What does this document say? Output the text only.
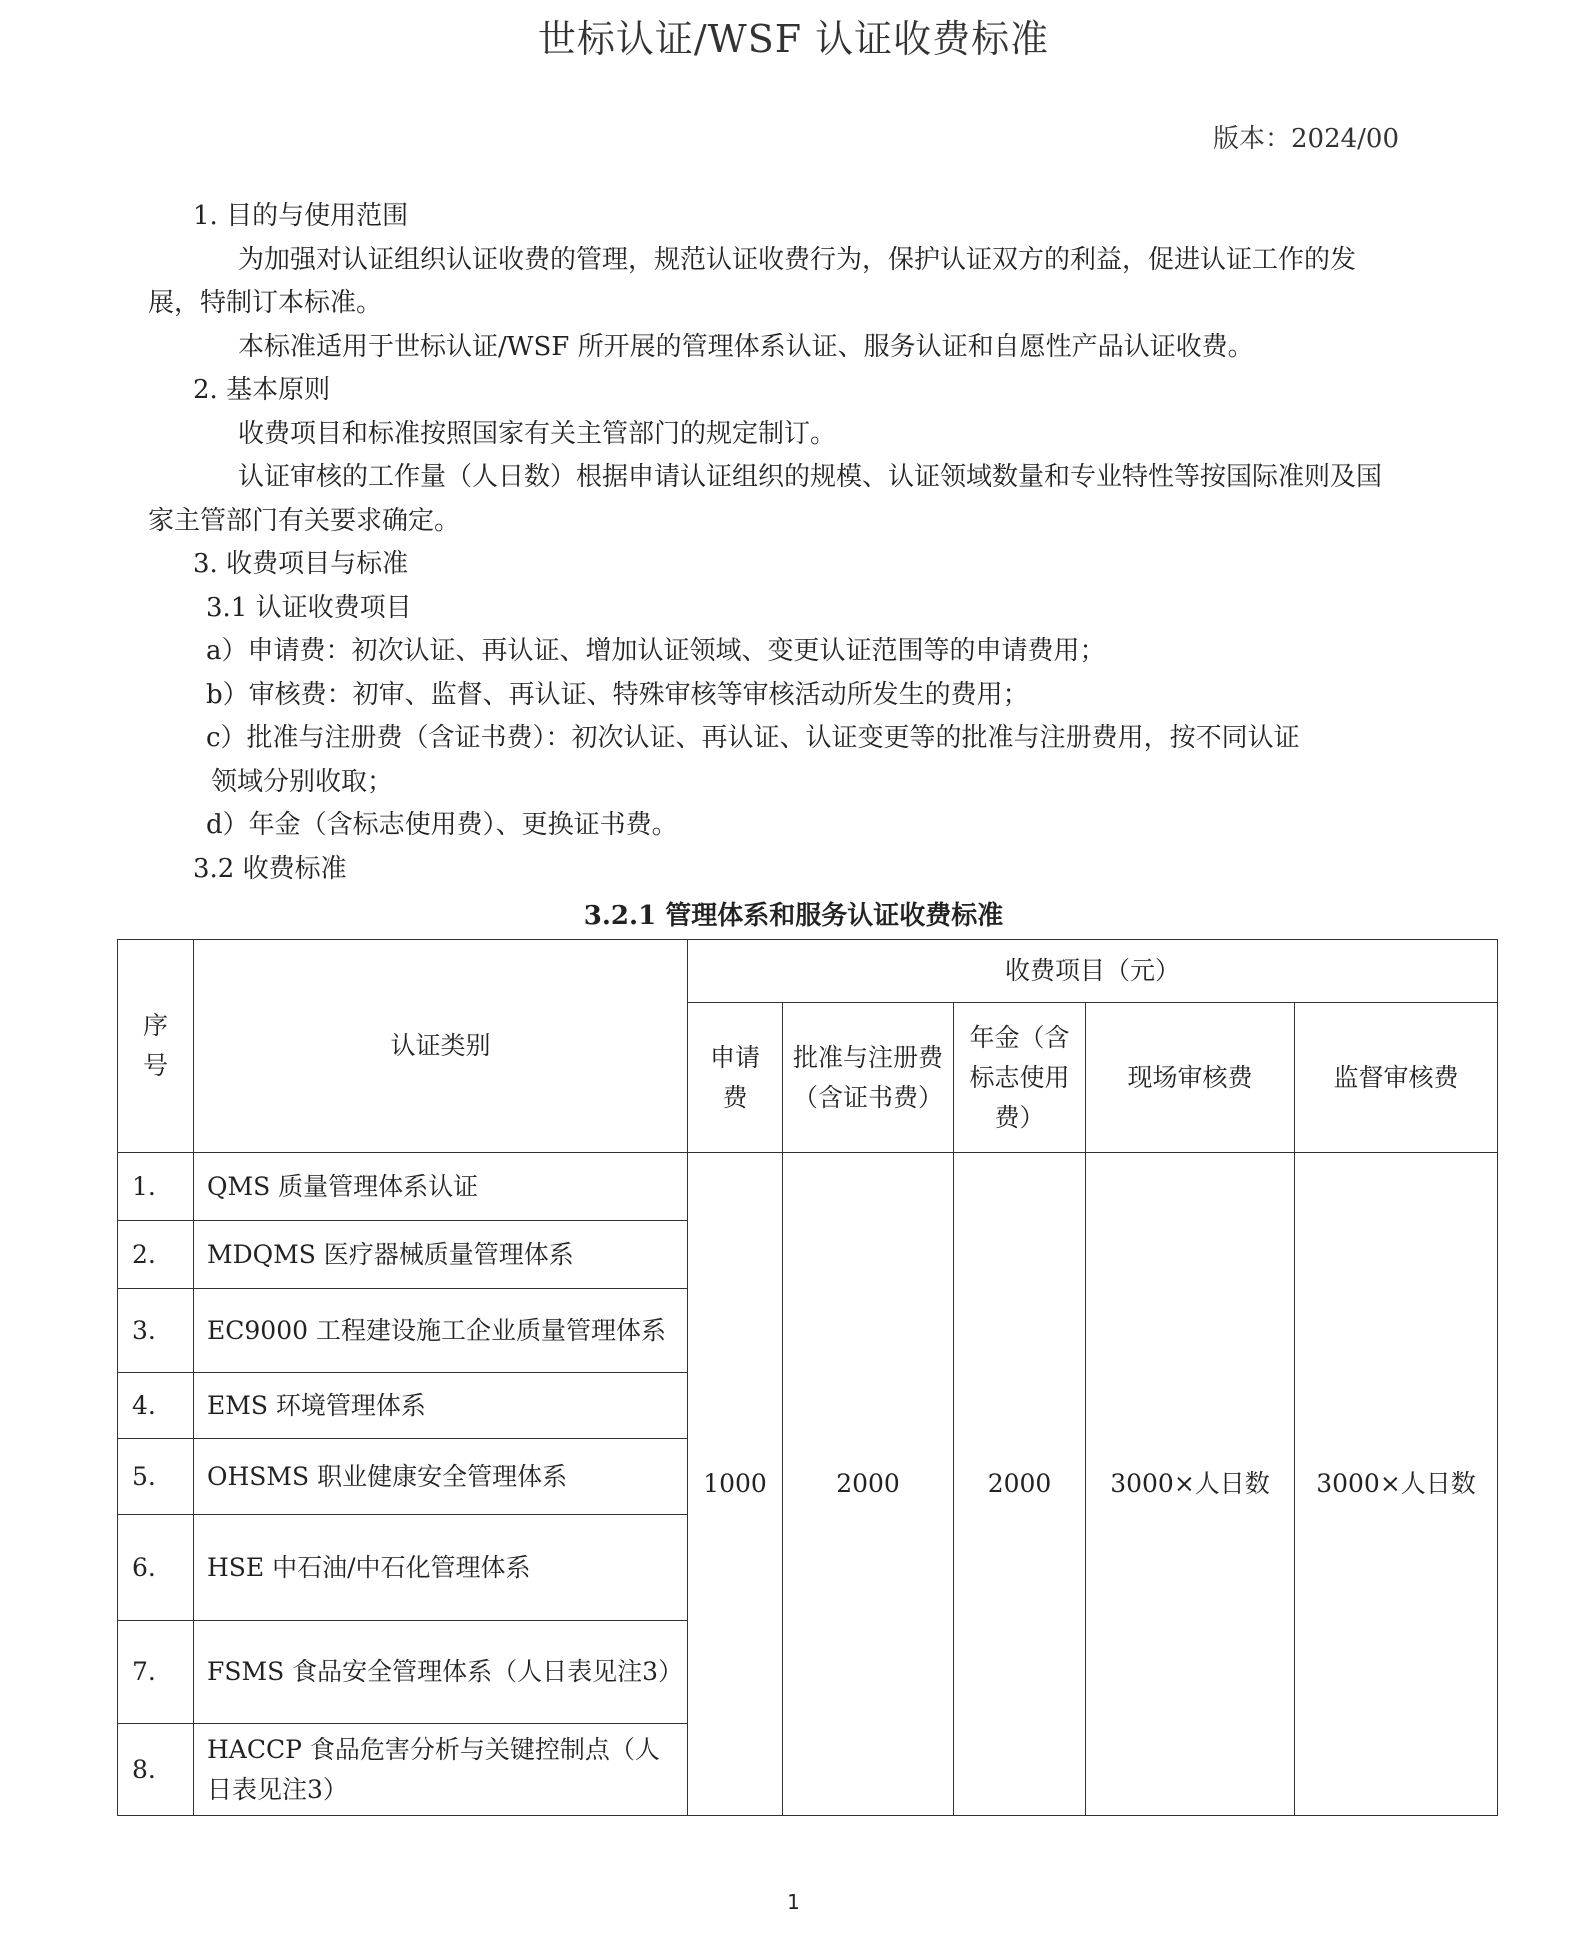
世标认证/WSF 认证收费标准
版本：2024/00

1. 目的与使用范围

为加强对认证组织认证收费的管理，规范认证收费行为，保护认证双方的利益，促进认证工作的发展，特制订本标准。

本标准适用于世标认证/WSF 所开展的管理体系认证、服务认证和自愿性产品认证收费。

2. 基本原则

收费项目和标准按照国家有关主管部门的规定制订。

认证审核的工作量（人日数）根据申请认证组织的规模、认证领域数量和专业特性等按国际准则及国家主管部门有关要求确定。

3. 收费项目与标准

3.1 认证收费项目

a）申请费：初次认证、再认证、增加认证领域、变更认证范围等的申请费用；

b）审核费：初审、监督、再认证、特殊审核等审核活动所发生的费用；

c）批准与注册费（含证书费）：初次认证、再认证、认证变更等的批准与注册费用，按不同认证

领域分别收取；

d）年金（含标志使用费）、更换证书费。

3.2 收费标准

3.2.1 管理体系和服务认证收费标准
序号	认证类别	收费项目（元）				
		申请费	批准与注册费（含证书费）	年金（含标志使用费）	现场审核费	监督审核费
1.	QMS 质量管理体系认证	1000	2000	2000	3000×人日数	3000×人日数
2.	MDQMS 医疗器械质量管理体系					
3.	EC9000 工程建设施工企业质量管理体系					
4.	EMS 环境管理体系					
5.	OHSMS 职业健康安全管理体系					
6.	HSE 中石油/中石化管理体系					
7.	FSMS 食品安全管理体系（人日表见注3）					
8.	HACCP 食品危害分析与关键控制点（人日表见注3）					
1
